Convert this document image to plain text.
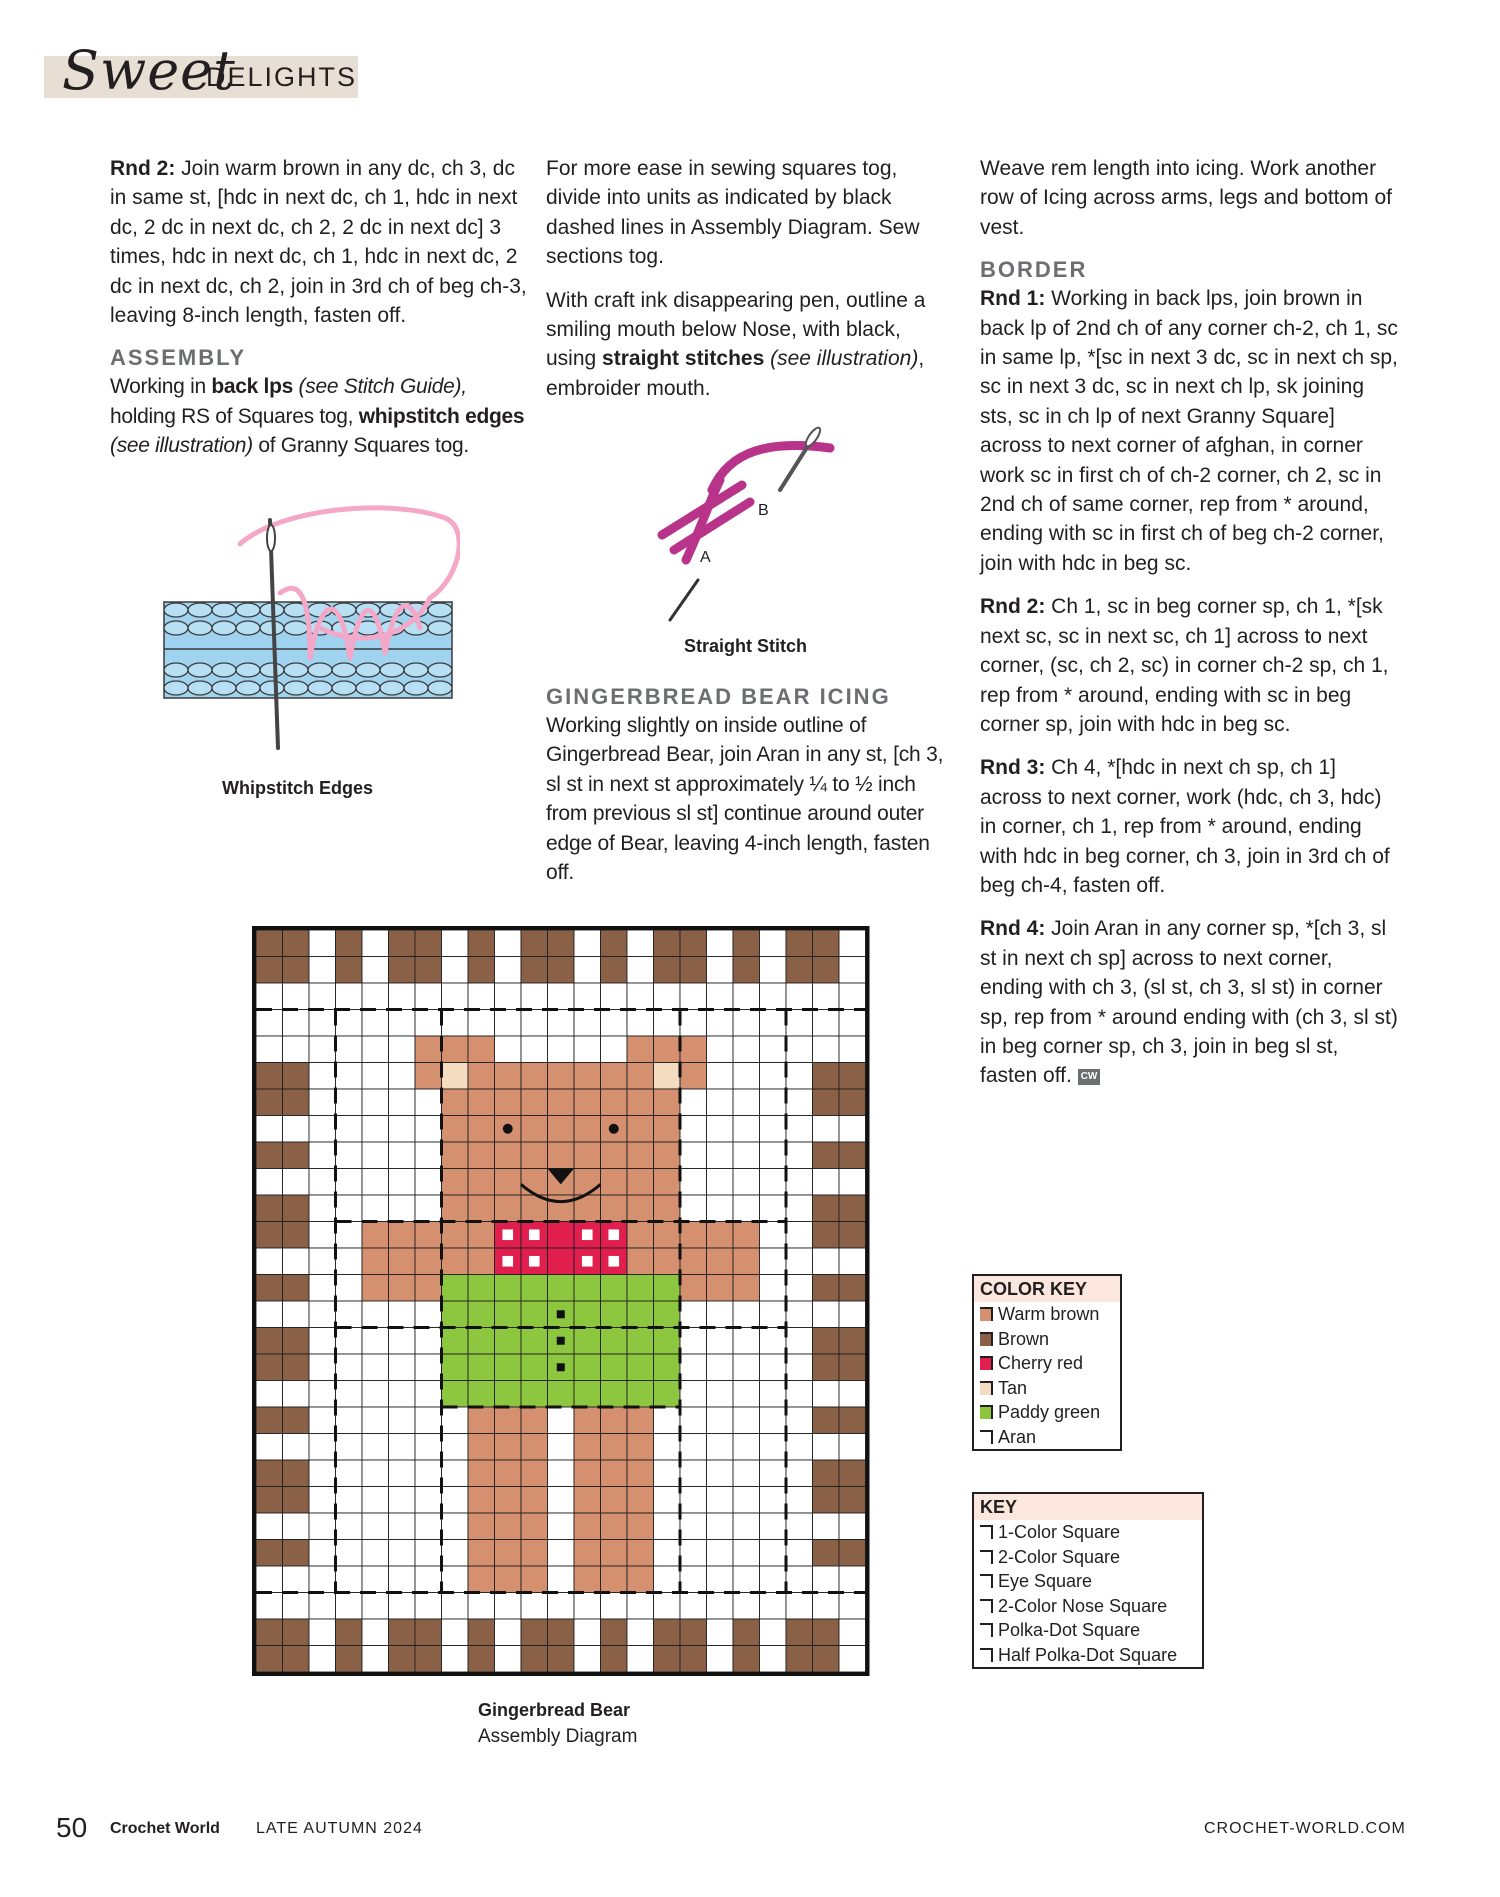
Sweet
DELIGHTS

Rnd 2: Join warm brown in any dc, ch 3, dc in same st, [hdc in next dc, ch 1, hdc in next dc, 2 dc in next dc, ch 2, 2 dc in next dc] 3 times, hdc in next dc, ch 1, hdc in next dc, 2 dc in next dc, ch 2, join in 3rd ch of beg ch-3, leaving 8-inch length, fasten off.

ASSEMBLY

Working in back lps (see Stitch Guide), holding RS of Squares tog, whipstitch edges (see illustration) of Granny Squares tog.

Whipstitch Edges

For more ease in sewing squares tog, divide into units as indicated by black dashed lines in Assembly Diagram. Sew sections tog.

With craft ink disappearing pen, outline a smiling mouth below Nose, with black, using straight stitches (see illustration), embroider mouth.

A
B
Straight Stitch
GINGERBREAD BEAR ICING

Working slightly on inside outline of Gingerbread Bear, join Aran in any st, [ch 3, sl st in next st approximately ¼ to ½ inch from previous sl st] continue around outer edge of Bear, leaving 4-inch length, fasten off.

Weave rem length into icing. Work another row of Icing across arms, legs and bottom of vest.

BORDER

Rnd 1: Working in back lps, join brown in back lp of 2nd ch of any corner ch-2, ch 1, sc in same lp, *[sc in next 3 dc, sc in next ch sp, sc in next 3 dc, sc in next ch lp, sk joining sts, sc in ch lp of next Granny Square] across to next corner of afghan, in corner work sc in first ch of ch-2 corner, ch 2, sc in 2nd ch of same corner, rep from * around, ending with sc in first ch of beg ch-2 corner, join with hdc in beg sc.

Rnd 2: Ch 1, sc in beg corner sp, ch 1, *[sk next sc, sc in next sc, ch 1] across to next corner, (sc, ch 2, sc) in corner ch-2 sp, ch 1, rep from * around, ending with sc in beg corner sp, join with hdc in beg sc.

Rnd 3: Ch 4, *[hdc in next ch sp, ch 1] across to next corner, work (hdc, ch 3, hdc) in corner, ch 1, rep from * around, ending with hdc in beg corner, ch 3, join in 3rd ch of beg ch-4, fasten off.

Rnd 4: Join Aran in any corner sp, *[ch 3, sl st in next ch sp] across to next corner, ending with ch 3, (sl st, ch 3, sl st) in corner sp, rep from * around ending with (ch 3, sl st) in beg corner sp, ch 3, join in beg sl st, fasten off. CW

Gingerbread Bear
Assembly Diagram
COLOR KEY
Warm brown
Brown
Cherry red
Tan
Paddy green
Aran
KEY
1-Color Square
2-Color Square
Eye Square
2-Color Nose Square
Polka-Dot Square
Half Polka-Dot Square
50 Crochet World LATE AUTUMN 2024	CROCHET-WORLD.COM
